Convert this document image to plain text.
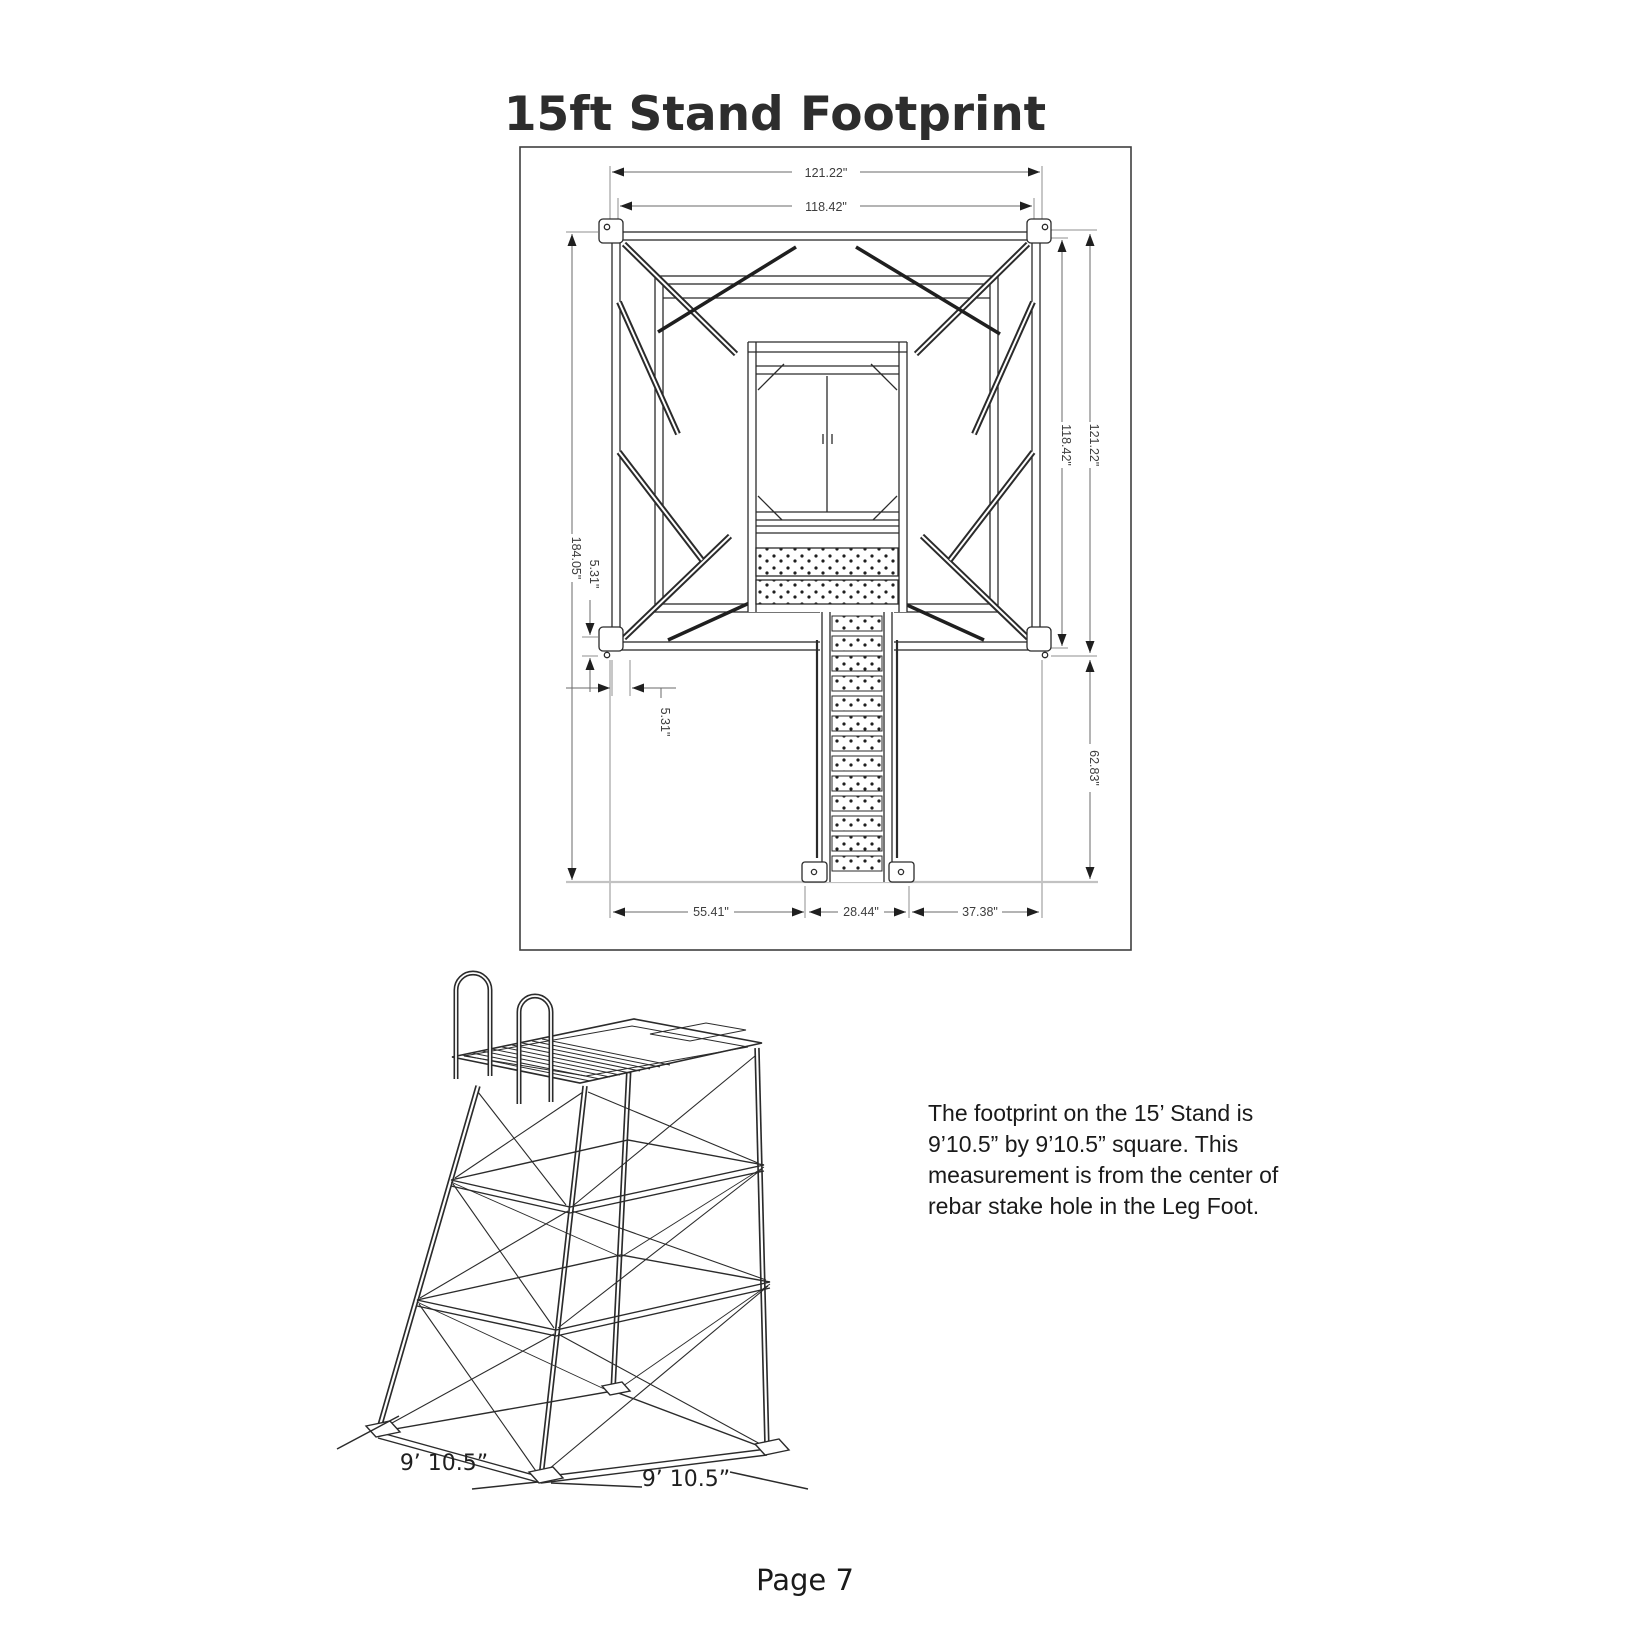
15ft Stand Footprint
121.22"
118.42"
184.05" 5.31"
5.31"
118.42" 121.22"
62.83"
55.41"	28.44"	37.38"
9’ 10.5”
9’ 10.5”
The footprint on the 15’ Stand is
9’10.5” by 9’10.5” square. This
measurement is from the center of
rebar stake hole in the Leg Foot.
Page 7
